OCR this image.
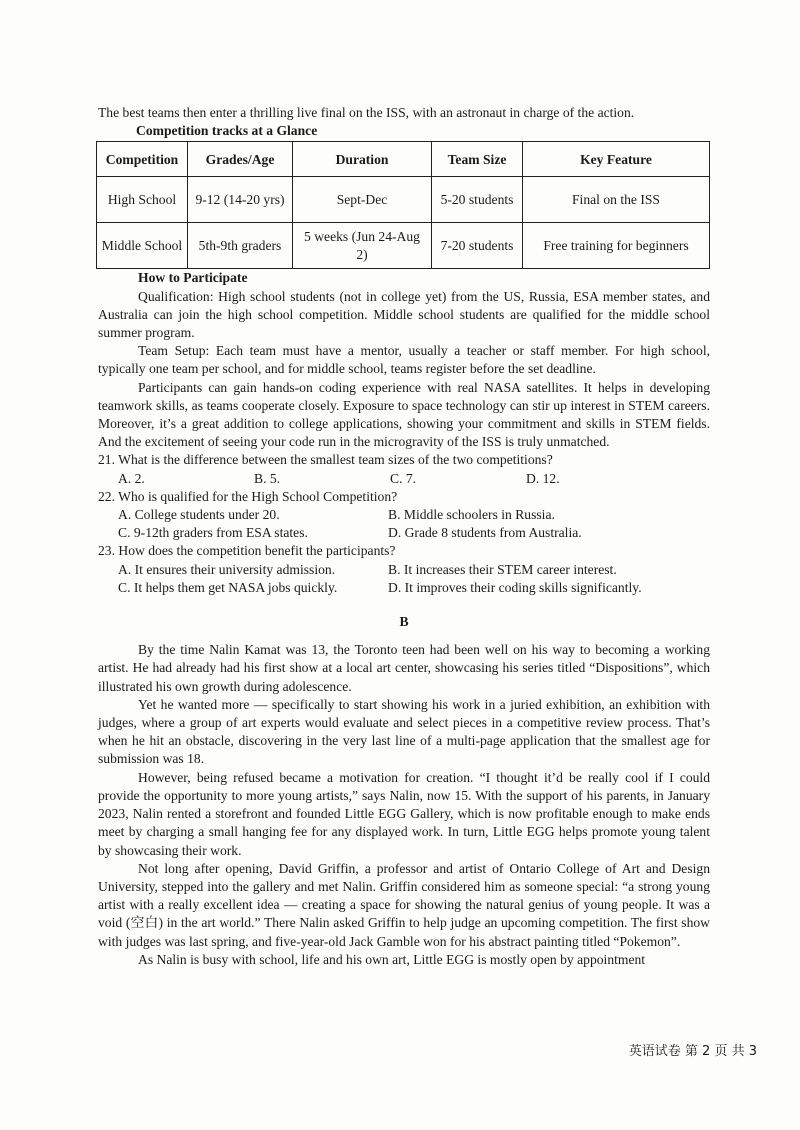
The best teams then enter a thrilling live final on the ISS, with an astronaut in charge of the action.

Competition tracks at a Glance
Competition	Grades/Age	Duration	Team Size	Key Feature
High School	9-12 (14-20 yrs)	Sept-Dec	5-20 students	Final on the ISS
Middle School	5th-9th graders	5 weeks (Jun 24-Aug 2)	7-20 students	Free training for beginners
How to Participate

Qualification: High school students (not in college yet) from the US, Russia, ESA member states, and Australia can join the high school competition. Middle school students are qualified for the middle school summer program.

Team Setup: Each team must have a mentor, usually a teacher or staff member. For high school, typically one team per school, and for middle school, teams register before the set deadline.

Participants can gain hands-on coding experience with real NASA satellites. It helps in developing teamwork skills, as teams cooperate closely. Exposure to space technology can stir up interest in STEM careers. Moreover, it’s a great addition to college applications, showing your commitment and skills in STEM fields. And the excitement of seeing your code run in the microgravity of the ISS is truly unmatched.

21. What is the difference between the smallest team sizes of the two competitions?

A. 2.	B. 5.	C. 7.	D. 12.

22. Who is qualified for the High School Competition?

A. College students under 20.	B. Middle schoolers in Russia.
C. 9-12th graders from ESA states.	D. Grade 8 students from Australia.

23. How does the competition benefit the participants?

A. It ensures their university admission.	B. It increases their STEM career interest.
C. It helps them get NASA jobs quickly.	D. It improves their coding skills significantly.
B

By the time Nalin Kamat was 13, the Toronto teen had been well on his way to becoming a working artist. He had already had his first show at a local art center, showcasing his series titled “Dispositions”, which illustrated his own growth during adolescence.

Yet he wanted more — specifically to start showing his work in a juried exhibition, an exhibition with judges, where a group of art experts would evaluate and select pieces in a competitive review process. That’s when he hit an obstacle, discovering in the very last line of a multi-page application that the smallest age for submission was 18.

However, being refused became a motivation for creation. “I thought it’d be really cool if I could provide the opportunity to more young artists,” says Nalin, now 15. With the support of his parents, in January 2023, Nalin rented a storefront and founded Little EGG Gallery, which is now profitable enough to make ends meet by charging a small hanging fee for any displayed work. In turn, Little EGG helps promote young talent by showcasing their work.

Not long after opening, David Griffin, a professor and artist of Ontario College of Art and Design University, stepped into the gallery and met Nalin. Griffin considered him as someone special: “a strong young artist with a really excellent idea — creating a space for showing the natural genius of young people. It was a void (空白) in the art world.” There Nalin asked Griffin to help judge an upcoming competition. The first show with judges was last spring, and five-year-old Jack Gamble won for his abstract painting titled “Pokemon”.

As Nalin is busy with school, life and his own art, Little EGG is mostly open by appointment

英语试卷 第 2 页 共 3
